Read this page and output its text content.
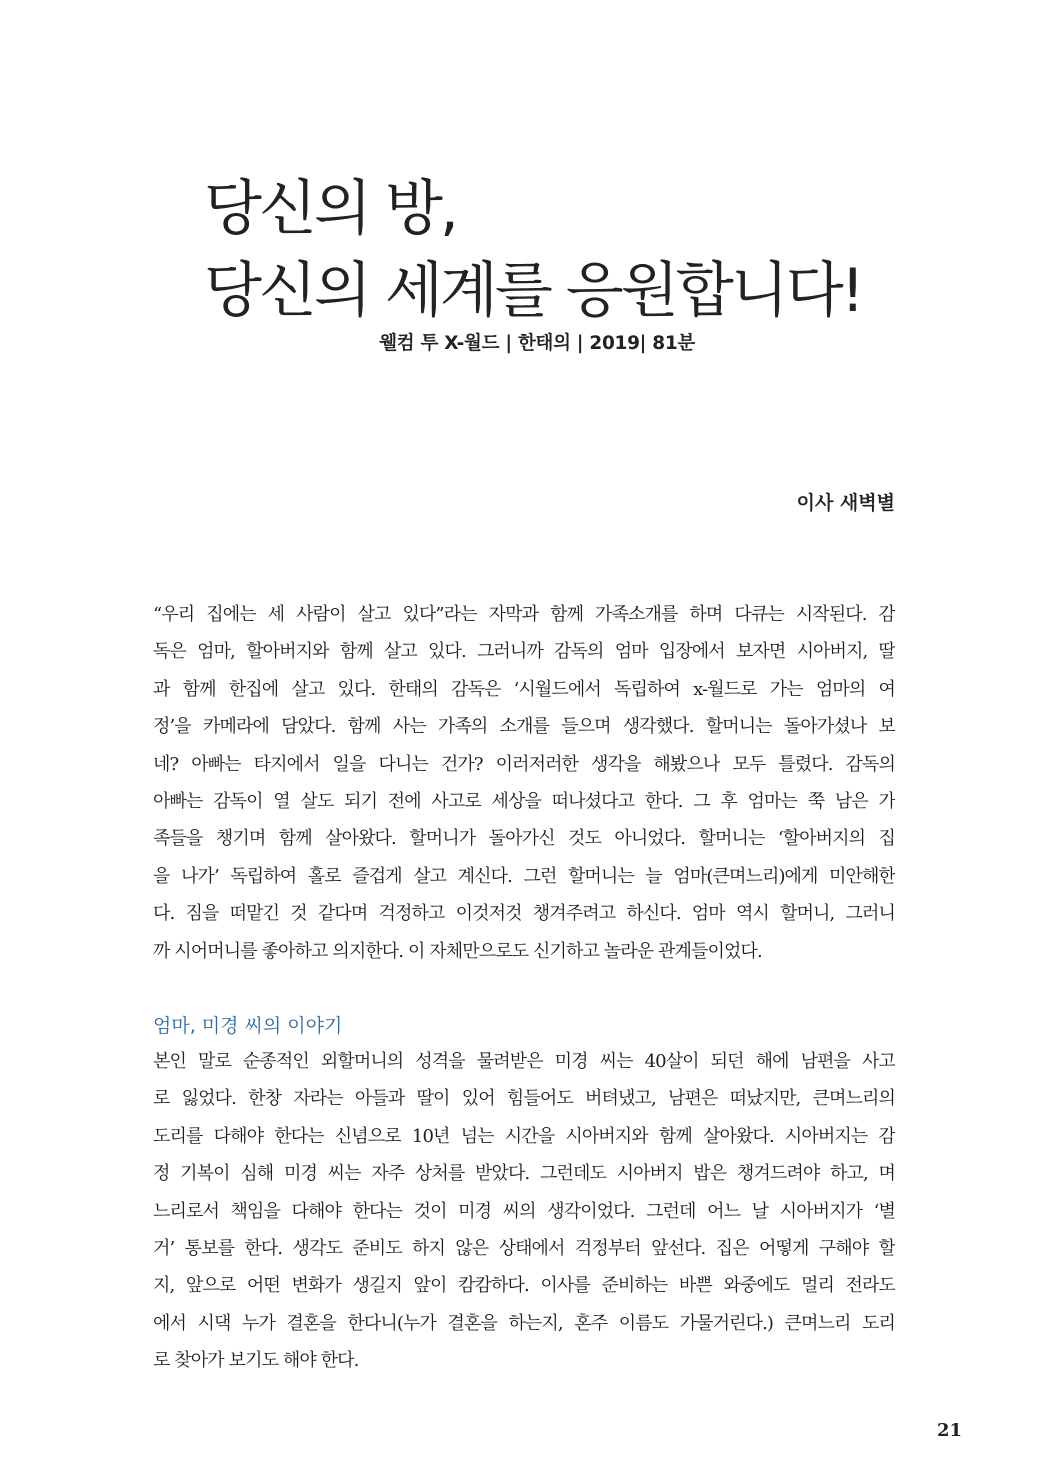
당신의 방,
당신의 세계를 응원합니다!
웰컴 투 X-월드 | 한태의 | 2019| 81분
이사 새벽별
“우리 집에는 세 사람이 살고 있다”라는 자막과 함께 가족소개를 하며 다큐는 시작된다. 감
독은 엄마, 할아버지와 함께 살고 있다. 그러니까 감독의 엄마 입장에서 보자면 시아버지, 딸
과 함께 한집에 살고 있다. 한태의 감독은 ‘시월드에서 독립하여 x-월드로 가는 엄마의 여
정’을 카메라에 담았다. 함께 사는 가족의 소개를 들으며 생각했다. 할머니는 돌아가셨나 보
네? 아빠는 타지에서 일을 다니는 건가? 이러저러한 생각을 해봤으나 모두 틀렸다. 감독의
아빠는 감독이 열 살도 되기 전에 사고로 세상을 떠나셨다고 한다. 그 후 엄마는 쭉 남은 가
족들을 챙기며 함께 살아왔다. 할머니가 돌아가신 것도 아니었다. 할머니는 ‘할아버지의 집
을 나가’ 독립하여 홀로 즐겁게 살고 계신다. 그런 할머니는 늘 엄마(큰며느리)에게 미안해한
다. 짐을 떠맡긴 것 같다며 걱정하고 이것저것 챙겨주려고 하신다. 엄마 역시 할머니, 그러니
까 시어머니를 좋아하고 의지한다. 이 자체만으로도 신기하고 놀라운 관계들이었다.
엄마, 미경 씨의 이야기
본인 말로 순종적인 외할머니의 성격을 물려받은 미경 씨는 40살이 되던 해에 남편을 사고
로 잃었다. 한창 자라는 아들과 딸이 있어 힘들어도 버텨냈고, 남편은 떠났지만, 큰며느리의
도리를 다해야 한다는 신념으로 10년 넘는 시간을 시아버지와 함께 살아왔다. 시아버지는 감
정 기복이 심해 미경 씨는 자주 상처를 받았다. 그런데도 시아버지 밥은 챙겨드려야 하고, 며
느리로서 책임을 다해야 한다는 것이 미경 씨의 생각이었다. 그런데 어느 날 시아버지가 ‘별
거’ 통보를 한다. 생각도 준비도 하지 않은 상태에서 걱정부터 앞선다. 집은 어떻게 구해야 할
지, 앞으로 어떤 변화가 생길지 앞이 캄캄하다. 이사를 준비하는 바쁜 와중에도 멀리 전라도
에서 시댁 누가 결혼을 한다니(누가 결혼을 하는지, 혼주 이름도 가물거린다.) 큰며느리 도리
로 찾아가 보기도 해야 한다.
21
